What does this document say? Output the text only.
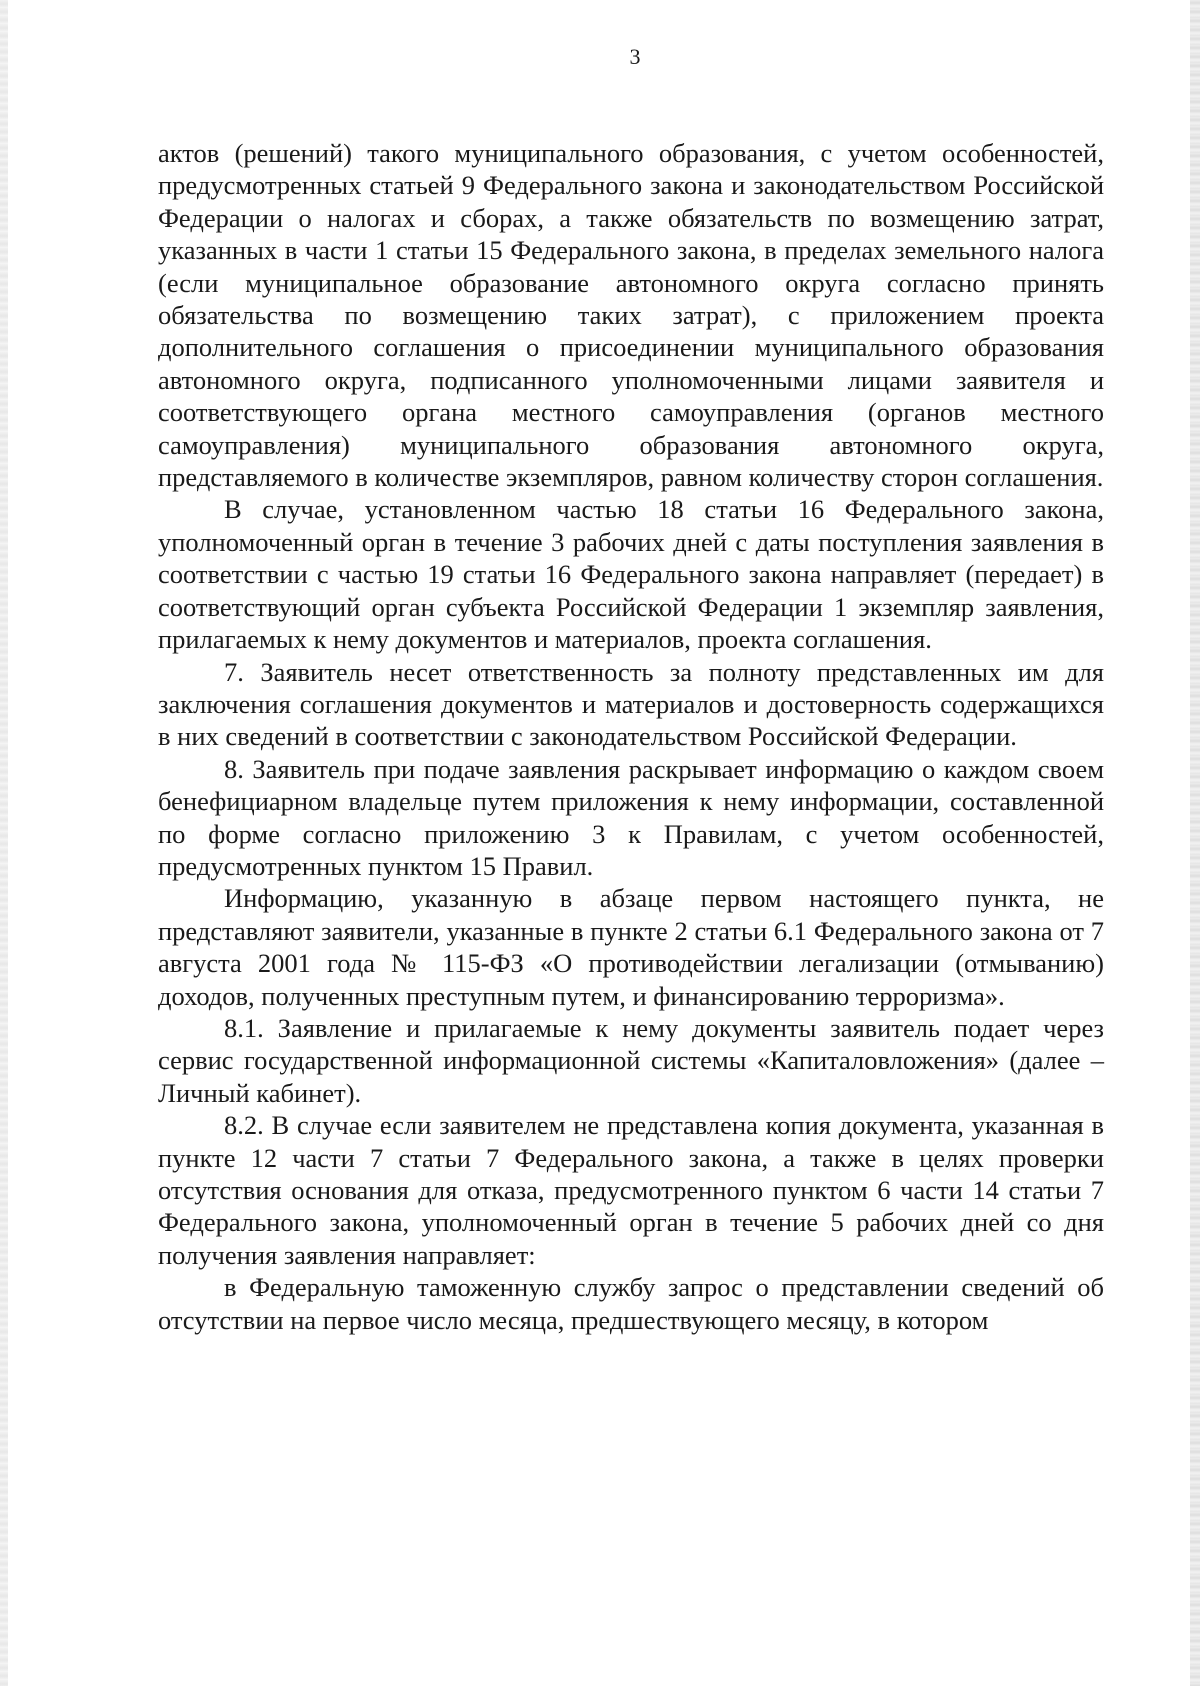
3

актов (решений) такого муниципального образования, с учетом особенностей, предусмотренных статьей 9 Федерального закона и законодательством Российской Федерации о налогах и сборах, а также обязательств по возмещению затрат, указанных в части 1 статьи 15 Федерального закона, в пределах земельного налога (если муниципальное образование автономного округа согласно принять обязательства по возмещению таких затрат), с приложением проекта дополнительного соглашения о присоединении муниципального образования автономного округа, подписанного уполномоченными лицами заявителя и соответствующего органа местного самоуправления (органов местного самоуправления) муниципального образования автономного округа, представляемого в количестве экземпляров, равном количеству сторон соглашения.

В случае, установленном частью 18 статьи 16 Федерального закона, уполномоченный орган в течение 3 рабочих дней с даты поступления заявления в соответствии с частью 19 статьи 16 Федерального закона направляет (передает) в соответствующий орган субъекта Российской Федерации 1 экземпляр заявления, прилагаемых к нему документов и материалов, проекта соглашения.

7. Заявитель несет ответственность за полноту представленных им для заключения соглашения документов и материалов и достоверность содержащихся в них сведений в соответствии с законодательством Российской Федерации.

8. Заявитель при подаче заявления раскрывает информацию о каждом своем бенефициарном владельце путем приложения к нему информации, составленной по форме согласно приложению 3 к Правилам, с учетом особенностей, предусмотренных пунктом 15 Правил.

Информацию, указанную в абзаце первом настоящего пункта, не представляют заявители, указанные в пункте 2 статьи 6.1 Федерального закона от 7 августа 2001 года № 115-ФЗ «О противодействии легализации (отмыванию) доходов, полученных преступным путем, и финансированию терроризма».

8.1. Заявление и прилагаемые к нему документы заявитель подает через сервис государственной информационной системы «Капиталовложения» (далее – Личный кабинет).

8.2. В случае если заявителем не представлена копия документа, указанная в пункте 12 части 7 статьи 7 Федерального закона, а также в целях проверки отсутствия основания для отказа, предусмотренного пунктом 6 части 14 статьи 7 Федерального закона, уполномоченный орган в течение 5 рабочих дней со дня получения заявления направляет:

в Федеральную таможенную службу запрос о представлении сведений об отсутствии на первое число месяца, предшествующего месяцу, в котором
